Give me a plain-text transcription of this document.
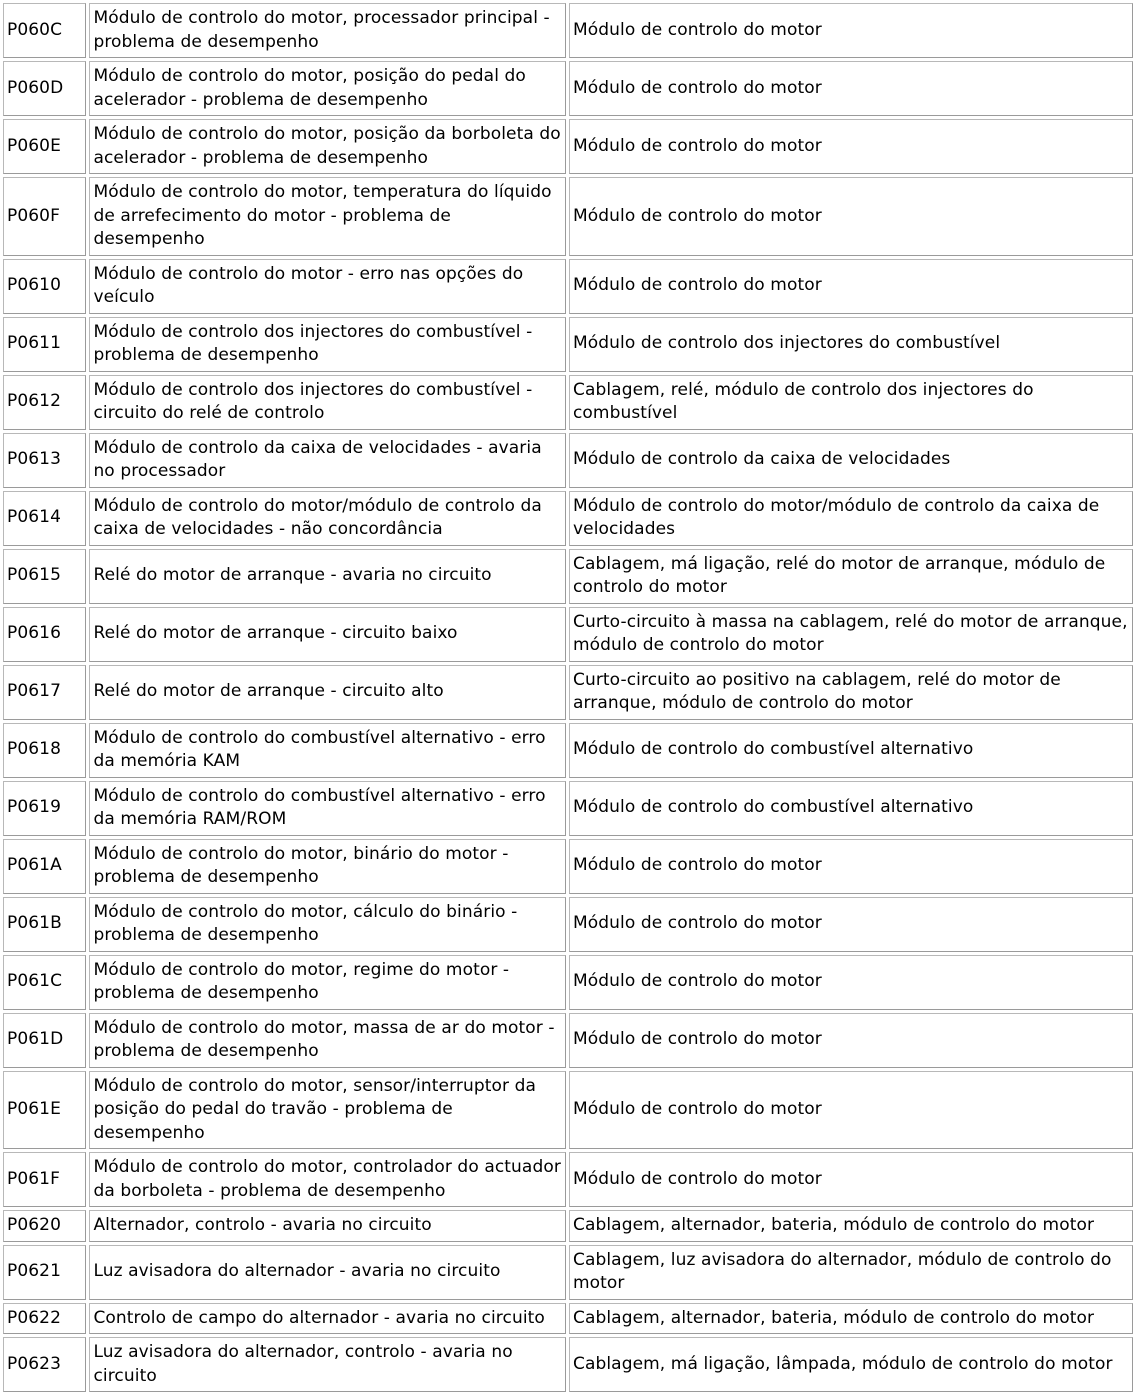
P060C	Módulo de controlo do motor, processador principal - problema de desempenho	Módulo de controlo do motor
P060D	Módulo de controlo do motor, posição do pedal do acelerador - problema de desempenho	Módulo de controlo do motor
P060E	Módulo de controlo do motor, posição da borboleta do acelerador - problema de desempenho	Módulo de controlo do motor
P060F	Módulo de controlo do motor, temperatura do líquido de arrefecimento do motor - problema de desempenho	Módulo de controlo do motor
P0610	Módulo de controlo do motor - erro nas opções do veículo	Módulo de controlo do motor
P0611	Módulo de controlo dos injectores do combustível - problema de desempenho	Módulo de controlo dos injectores do combustível
P0612	Módulo de controlo dos injectores do combustível - circuito do relé de controlo	Cablagem, relé, módulo de controlo dos injectores do combustível
P0613	Módulo de controlo da caixa de velocidades - avaria no processador	Módulo de controlo da caixa de velocidades
P0614	Módulo de controlo do motor/módulo de controlo da caixa de velocidades - não concordância	Módulo de controlo do motor/módulo de controlo da caixa de velocidades
P0615	Relé do motor de arranque - avaria no circuito	Cablagem, má ligação, relé do motor de arranque, módulo de controlo do motor
P0616	Relé do motor de arranque - circuito baixo	Curto-circuito à massa na cablagem, relé do motor de arranque, módulo de controlo do motor
P0617	Relé do motor de arranque - circuito alto	Curto-circuito ao positivo na cablagem, relé do motor de arranque, módulo de controlo do motor
P0618	Módulo de controlo do combustível alternativo - erro da memória KAM	Módulo de controlo do combustível alternativo
P0619	Módulo de controlo do combustível alternativo - erro da memória RAM/ROM	Módulo de controlo do combustível alternativo
P061A	Módulo de controlo do motor, binário do motor - problema de desempenho	Módulo de controlo do motor
P061B	Módulo de controlo do motor, cálculo do binário - problema de desempenho	Módulo de controlo do motor
P061C	Módulo de controlo do motor, regime do motor - problema de desempenho	Módulo de controlo do motor
P061D	Módulo de controlo do motor, massa de ar do motor - problema de desempenho	Módulo de controlo do motor
P061E	Módulo de controlo do motor, sensor/interruptor da posição do pedal do travão - problema de desempenho	Módulo de controlo do motor
P061F	Módulo de controlo do motor, controlador do actuador da borboleta - problema de desempenho	Módulo de controlo do motor
P0620	Alternador, controlo - avaria no circuito	Cablagem, alternador, bateria, módulo de controlo do motor
P0621	Luz avisadora do alternador - avaria no circuito	Cablagem, luz avisadora do alternador, módulo de controlo do motor
P0622	Controlo de campo do alternador - avaria no circuito	Cablagem, alternador, bateria, módulo de controlo do motor
P0623	Luz avisadora do alternador, controlo - avaria no circuito	Cablagem, má ligação, lâmpada, módulo de controlo do motor
